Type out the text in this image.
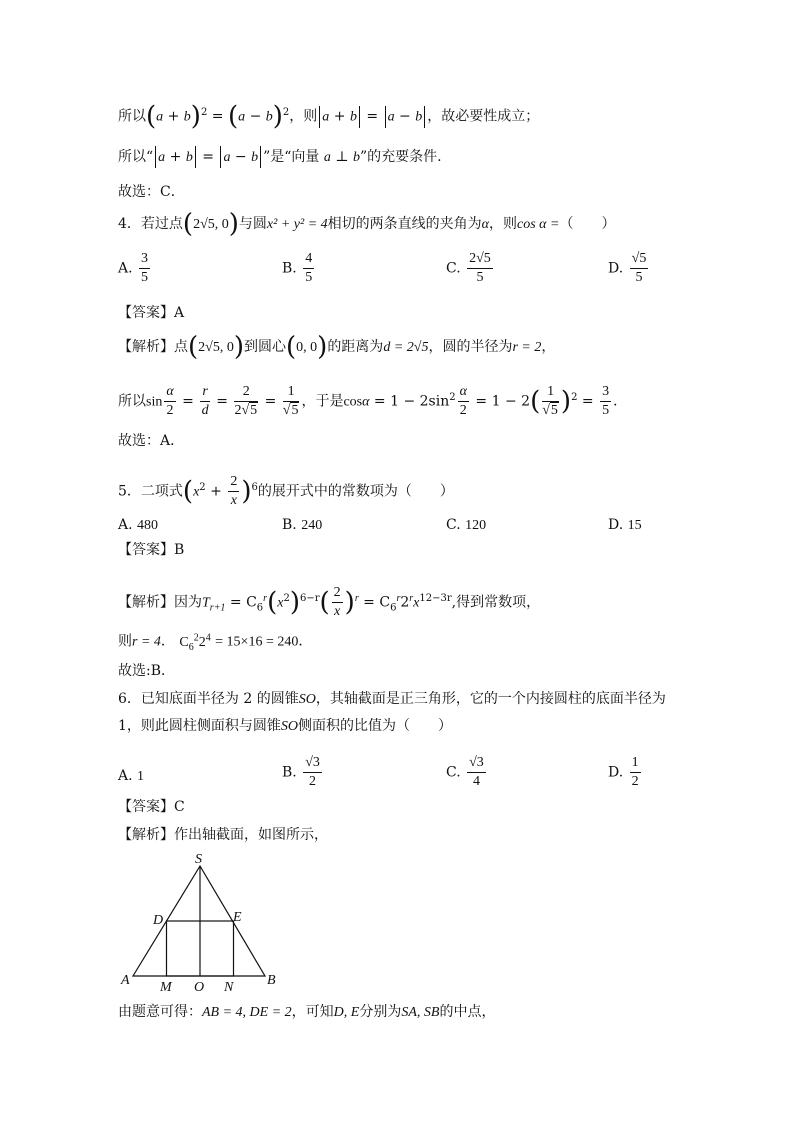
所以$(a + b)^2 = (a - b)^2$，则 a + b = a − b ，故必要性成立；
所以“ a + b = a − b ”是“向量 a ⊥ b”的充要条件.
故选：C．
4．若过点(2√5, 0)与圆x² + y² = 4相切的两条直线的夹角为α，则cos α =（　　）
A. $\frac{3}{5}$	B. $\frac{4}{5}$	C. $\frac{2√5}{5}$	D. $\frac{√5}{5}$
【答案】A
【解析】点(2√5, 0)到圆心(0, 0)的距离为d = 2√5，圆的半径为r = 2，
所以$\sin \frac{\alpha}{2} = \frac{r}{d} = \frac{2}{2√5} = \frac{1}{√5}$ ，于是$\cos\alpha = 1 - 2\sin^2 \frac{\alpha}{2} = 1 - 2( \frac{1}{√5} )^2 = \frac{3}{5}$ ．
故选：A．
5．二项式$(x^2 + \frac{2}{x} )^6$的展开式中的常数项为（　　）
A. 480	B. 240	C. 120	D. 15
【答案】B
【解析】因为$T_{r+1} = C_6^r(x^2)^{6-r}( \frac{2}{x} )^r = C_6^r2^rx^{12-3r}$,得到常数项，
则r = 4． $C_6^22^4 = 15\times 16 = 240$．
故选:B．
6．已知底面半径为 2 的圆锥SO，其轴截面是正三角形，它的一个内接圆柱的底面半径为
1，则此圆柱侧面积与圆锥SO侧面积的比值为（　　）
A. 1	B. $\frac{√3}{2}$	C. $\frac{√3}{4}$	D. $\frac{1}{2}$
【答案】C
【解析】作出轴截面，如图所示，
S
D	E
A M O N B
由题意可得：AB = 4, DE = 2，可知D, E分别为SA, SB的中点，
